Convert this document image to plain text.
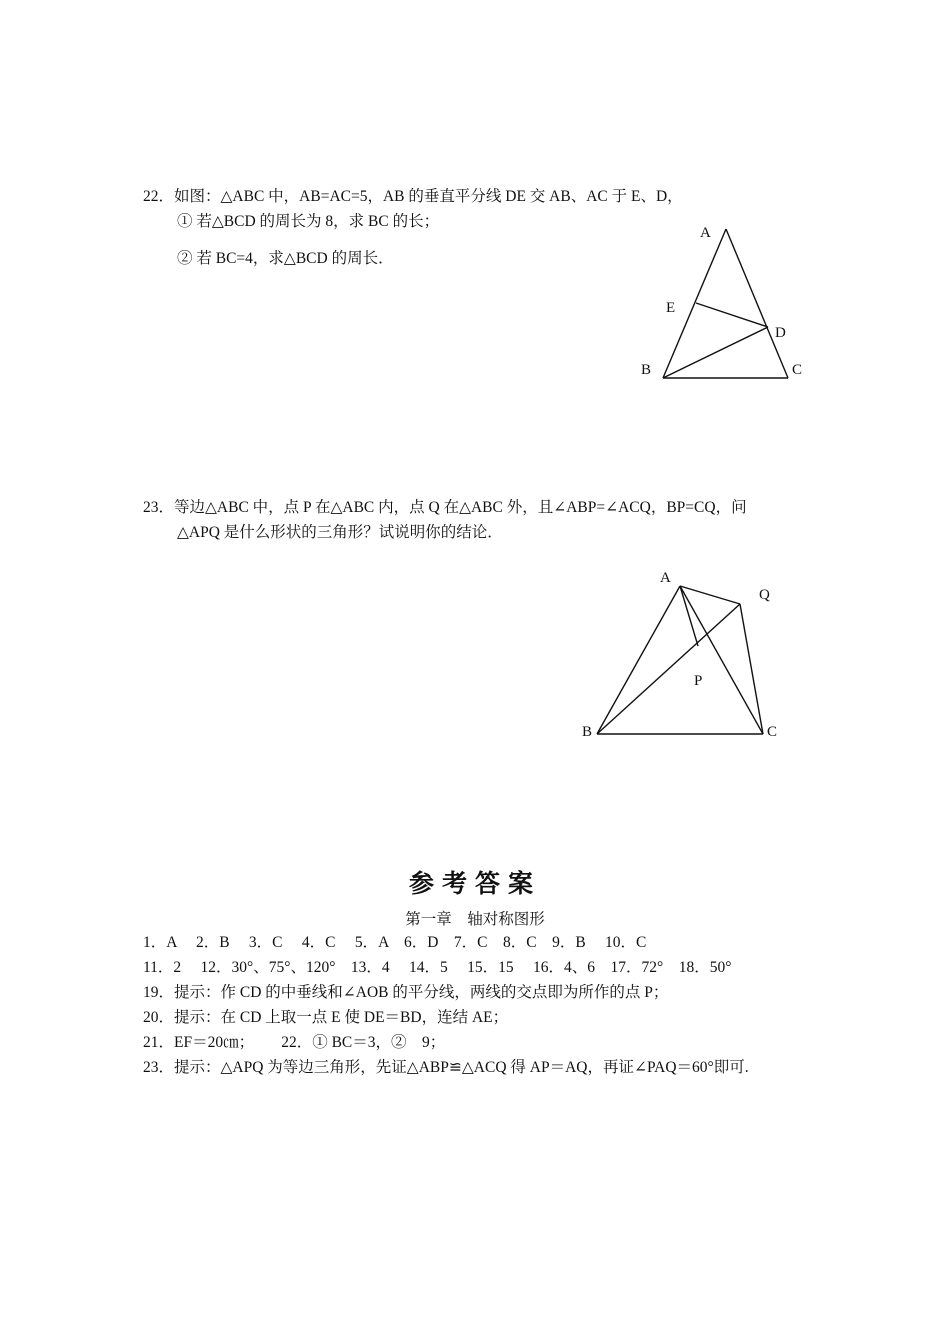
22．如图：△ABC 中，AB=AC=5，AB 的垂直平分线 DE 交 AB、AC 于 E、D，
① 若△BCD 的周长为 8，求 BC 的长；
② 若 BC=4，求△BCD 的周长．
A
E
D
B	C
23．等边△ABC 中，点 P 在△ABC 内，点 Q 在△ABC 外，且∠ABP=∠ACQ，BP=CQ，问
△APQ 是什么形状的三角形？试说明你的结论．
A
Q
P
B	C
参考答案
第一章　轴对称图形
1．A　 2．B　 3．C　 4．C　 5．A　6．D　7．C　8．C　9．B　 10．C
11．2　 12．30°、75°、120°　13．4　 14．5　 15．15　 16．4、6　17．72°　18．50°
19．提示：作 CD 的中垂线和∠AOB 的平分线，两线的交点即为所作的点 P；
20．提示：在 CD 上取一点 E 使 DE＝BD，连结 AE；
21．EF＝20㎝；　　 22．① BC＝3，②　9；
23．提示：△APQ 为等边三角形，先证△ABP≌△ACQ 得 AP＝AQ，再证∠PAQ＝60°即可.
